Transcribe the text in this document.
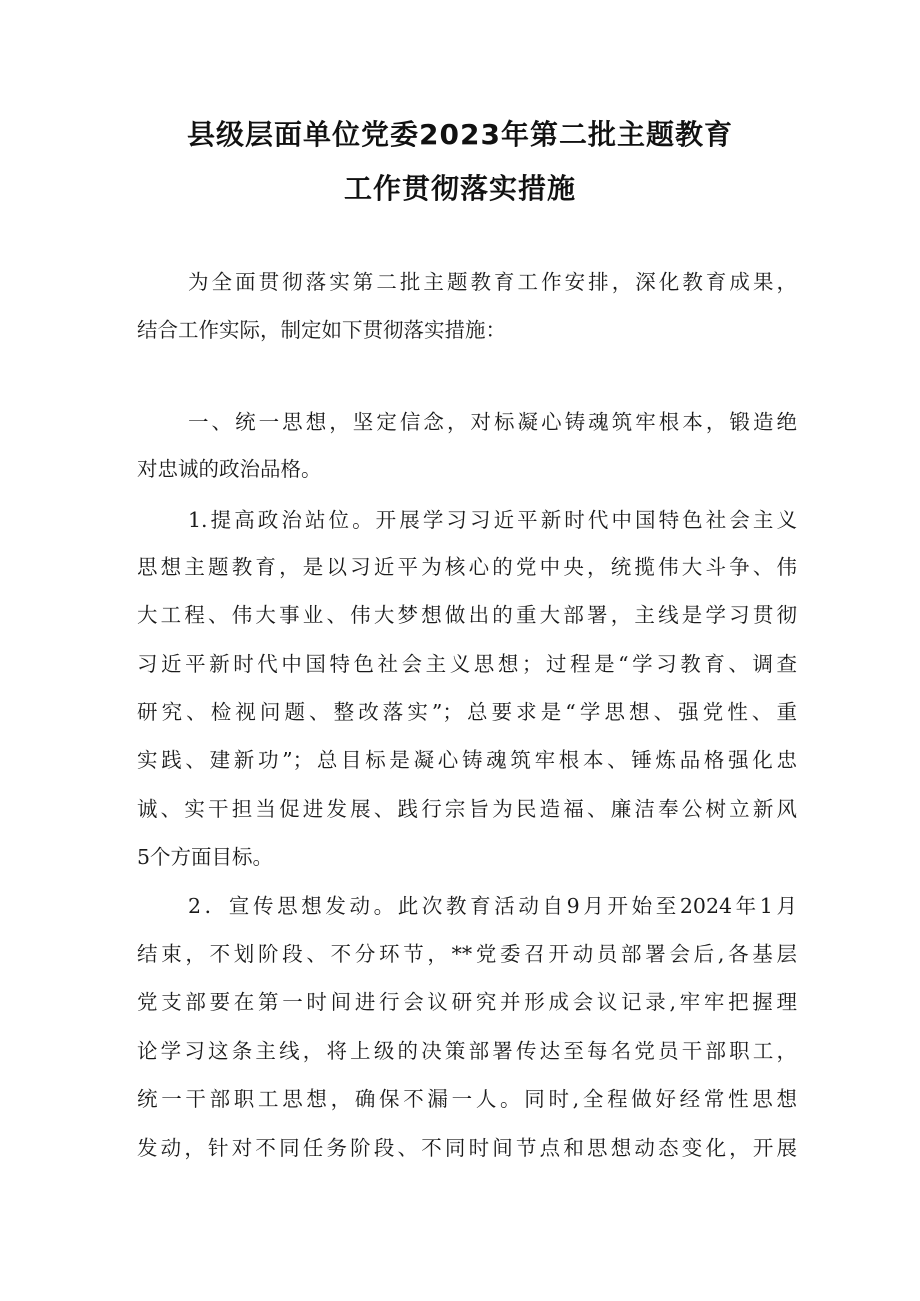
县级层面单位党委2023年第二批主题教育
工作贯彻落实措施

为全面贯彻落实第二批主题教育工作安排，深化教育成果，

结合工作实际，制定如下贯彻落实措施：

一、统一思想，坚定信念，对标凝心铸魂筑牢根本，锻造绝

对忠诚的政治品格。

1.提高政治站位。开展学习习近平新时代中国特色社会主义

思想主题教育，是以习近平为核心的党中央，统揽伟大斗争、伟

大工程、伟大事业、伟大梦想做出的重大部署，主线是学习贯彻

习近平新时代中国特色社会主义思想；过程是“学习教育、调查

研究、检视问题、整改落实”；总要求是“学思想、强党性、重

实践、建新功”；总目标是凝心铸魂筑牢根本、锤炼品格强化忠

诚、实干担当促进发展、践行宗旨为民造福、廉洁奉公树立新风

5个方面目标。

2．宣传思想发动。此次教育活动自9月开始至2024年1月

结束，不划阶段、不分环节，**党委召开动员部署会后,各基层

党支部要在第一时间进行会议研究并形成会议记录,牢牢把握理

论学习这条主线，将上级的决策部署传达至每名党员干部职工，

统一干部职工思想，确保不漏一人。同时,全程做好经常性思想

发动，针对不同任务阶段、不同时间节点和思想动态变化，开展
